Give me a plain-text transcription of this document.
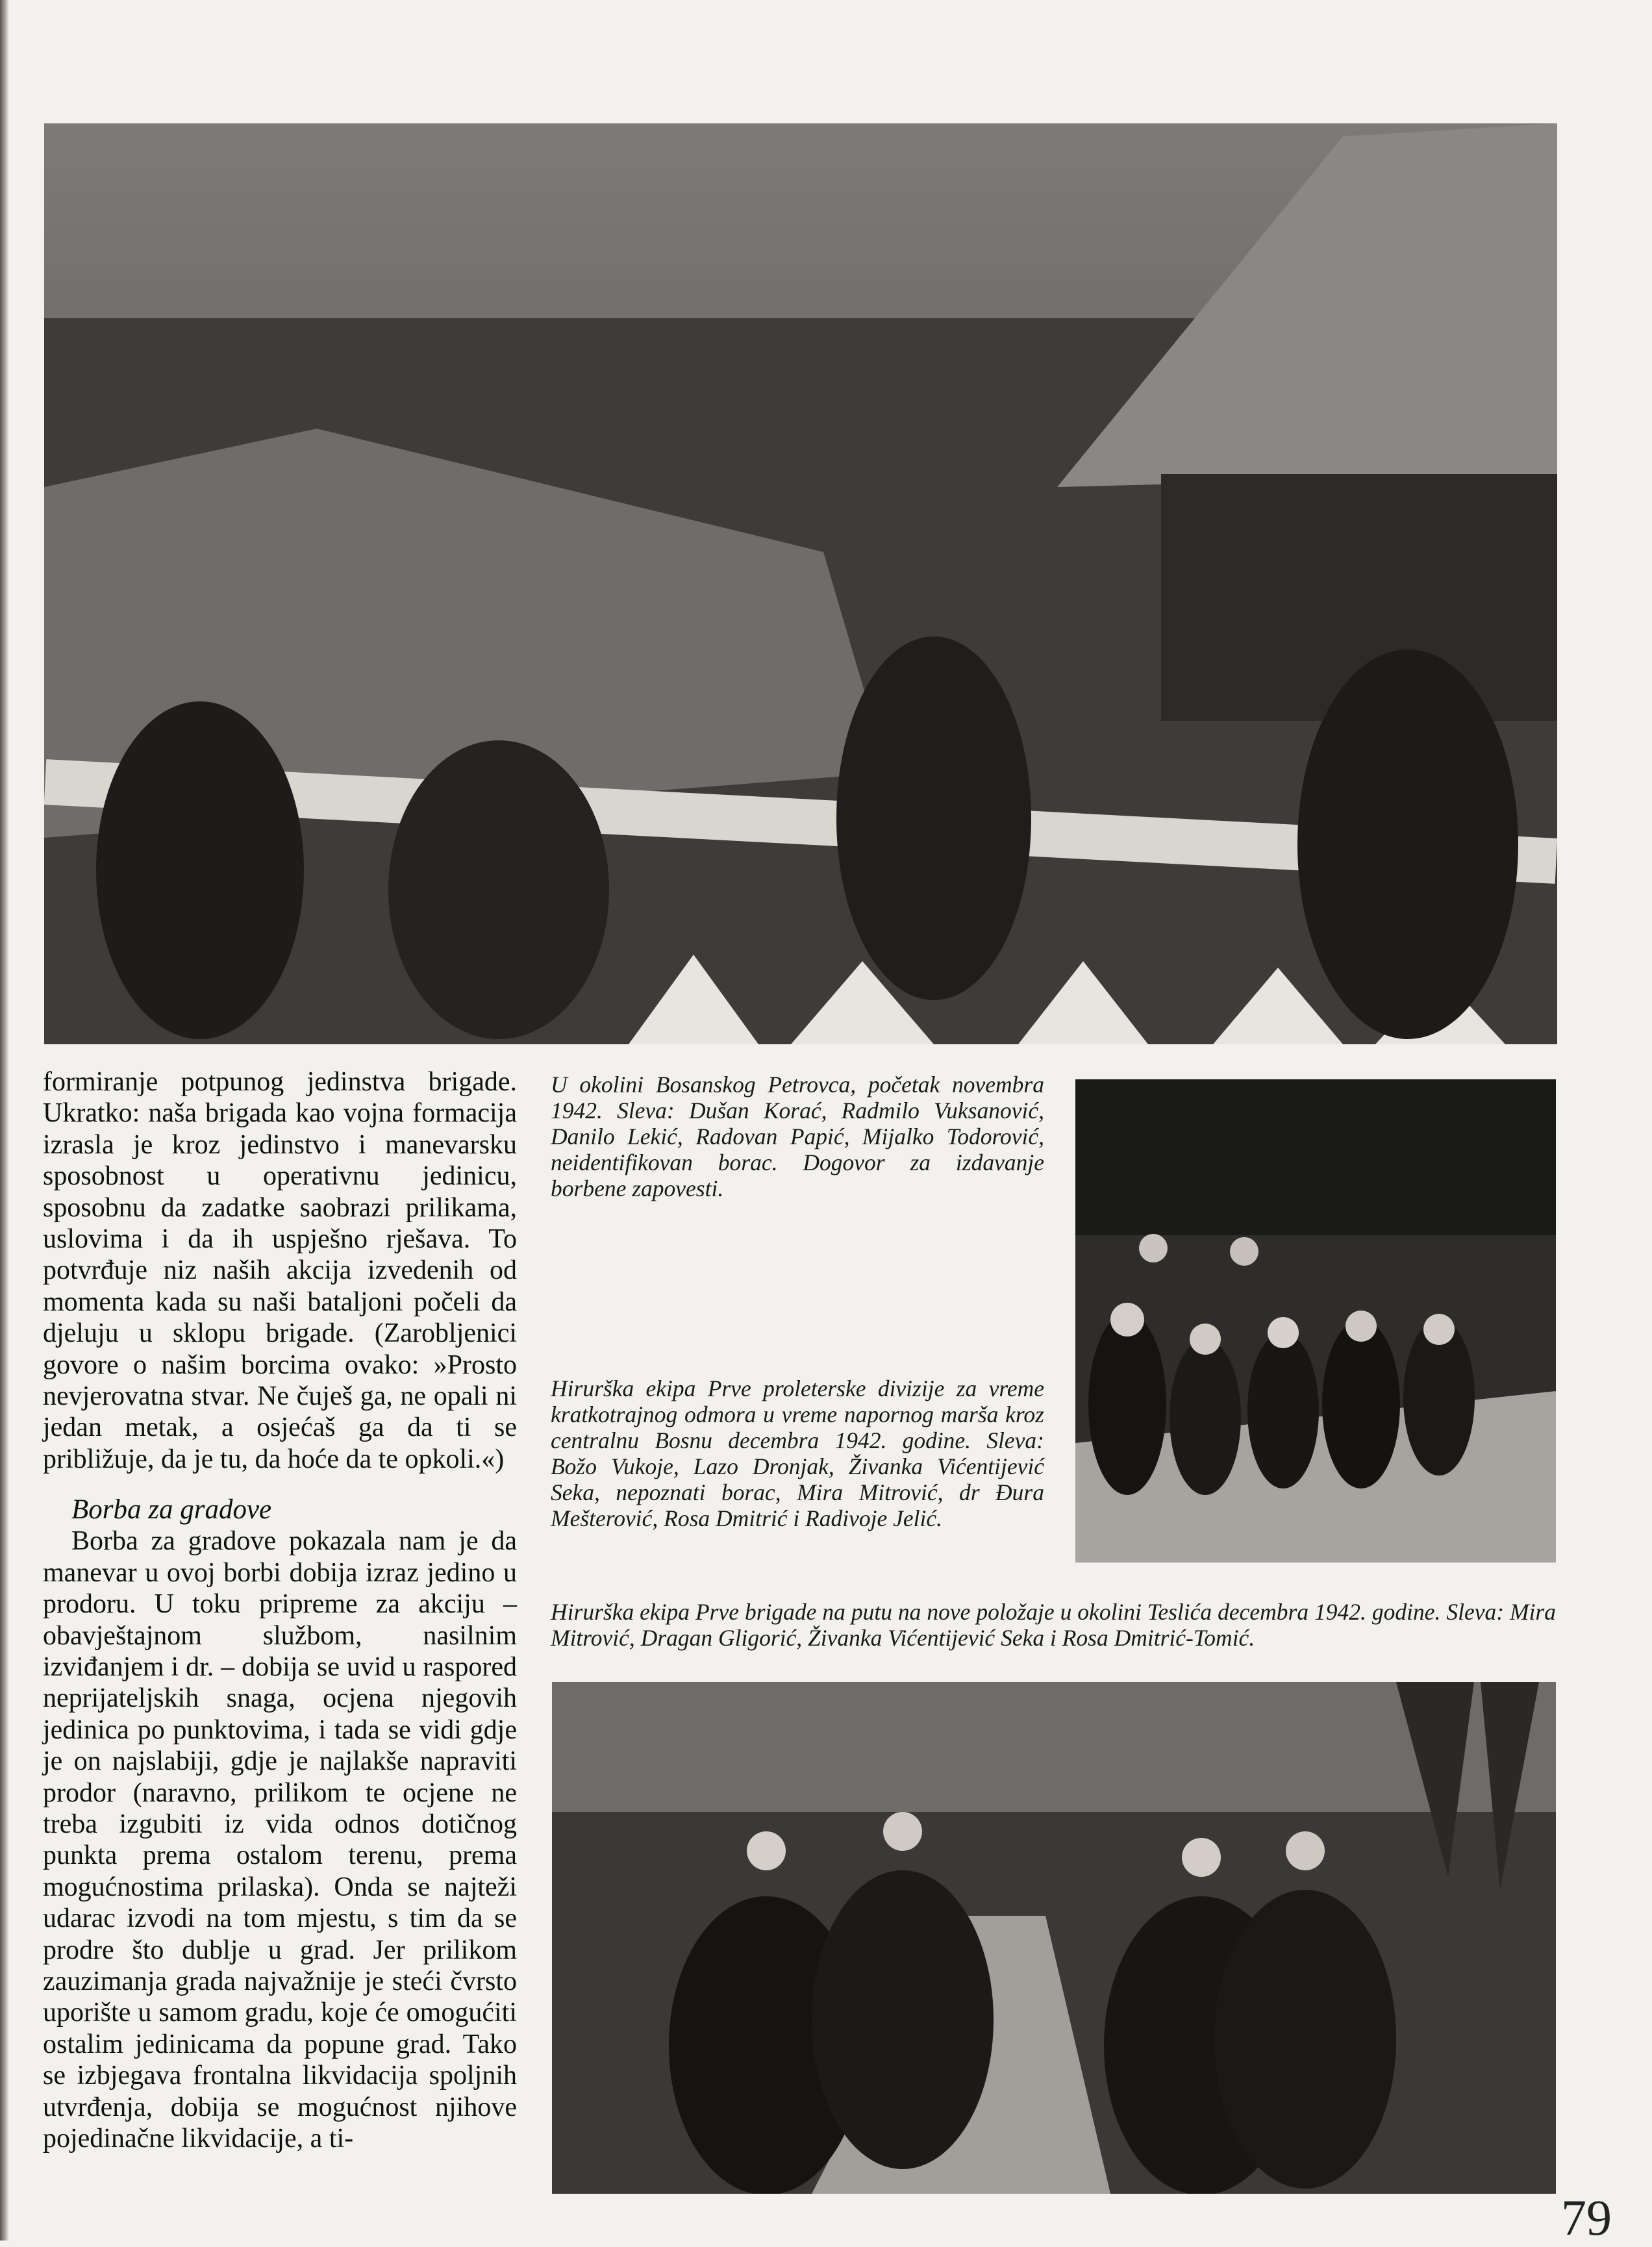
formiranje potpunog jedinstva brigade. Ukratko: naša brigada kao vojna formacija izrasla je kroz jedinstvo i manevarsku sposobnost u operativnu jedinicu, sposobnu da zadatke saobrazi prilikama, uslovima i da ih uspješno rješava. To potvrđuje niz naših akcija izvedenih od momenta kada su naši bataljoni počeli da djeluju u sklopu brigade. (Zarobljenici govore o našim borcima ovako: »Prosto nevjerovatna stvar. Ne čuješ ga, ne opali ni jedan metak, a osjećaš ga da ti se približuje, da je tu, da hoće da te opkoli.«)

Borba za gradove

Borba za gradove pokazala nam je da manevar u ovoj borbi dobija izraz jedino u prodoru. U toku pripreme za akciju – obavještajnom službom, nasilnim izviđanjem i dr. – dobija se uvid u raspored neprijateljskih snaga, ocjena njegovih jedinica po punktovima, i tada se vidi gdje je on najslabiji, gdje je najlakše napraviti prodor (naravno, prilikom te ocjene ne treba izgubiti iz vida odnos dotičnog punkta prema ostalom terenu, prema mogućnostima prilaska). Onda se najteži udarac izvodi na tom mjestu, s tim da se prodre što dublje u grad. Jer prilikom zauzimanja grada najvažnije je steći čvrsto uporište u samom gradu, koje će omogućiti ostalim jedinicama da popune grad. Tako se izbjegava frontalna likvidacija spoljnih utvrđenja, dobija se mogućnost njihove pojedinačne likvidacije, a ti-

U okolini Bosanskog Petrovca, početak novembra 1942. Sleva: Dušan Korać, Radmilo Vuksanović, Danilo Lekić, Radovan Papić, Mijalko Todorović, neidentifikovan borac. Dogovor za izdavanje borbene zapovesti.
Hirurška ekipa Prve proleterske divizije za vreme kratkotrajnog odmora u vreme napornog marša kroz centralnu Bosnu decembra 1942. godine. Sleva: Božo Vukoje, Lazo Dronjak, Živanka Vićentijević Seka, nepoznati borac, Mira Mitrović, dr Đura Mešterović, Rosa Dmitrić i Radivoje Jelić.
Hirurška ekipa Prve brigade na putu na nove položaje u okolini Teslića decembra 1942. godine. Sleva: Mira Mitrović, Dragan Gligorić, Živanka Vićentijević Seka i Rosa Dmitrić-Tomić.
79
